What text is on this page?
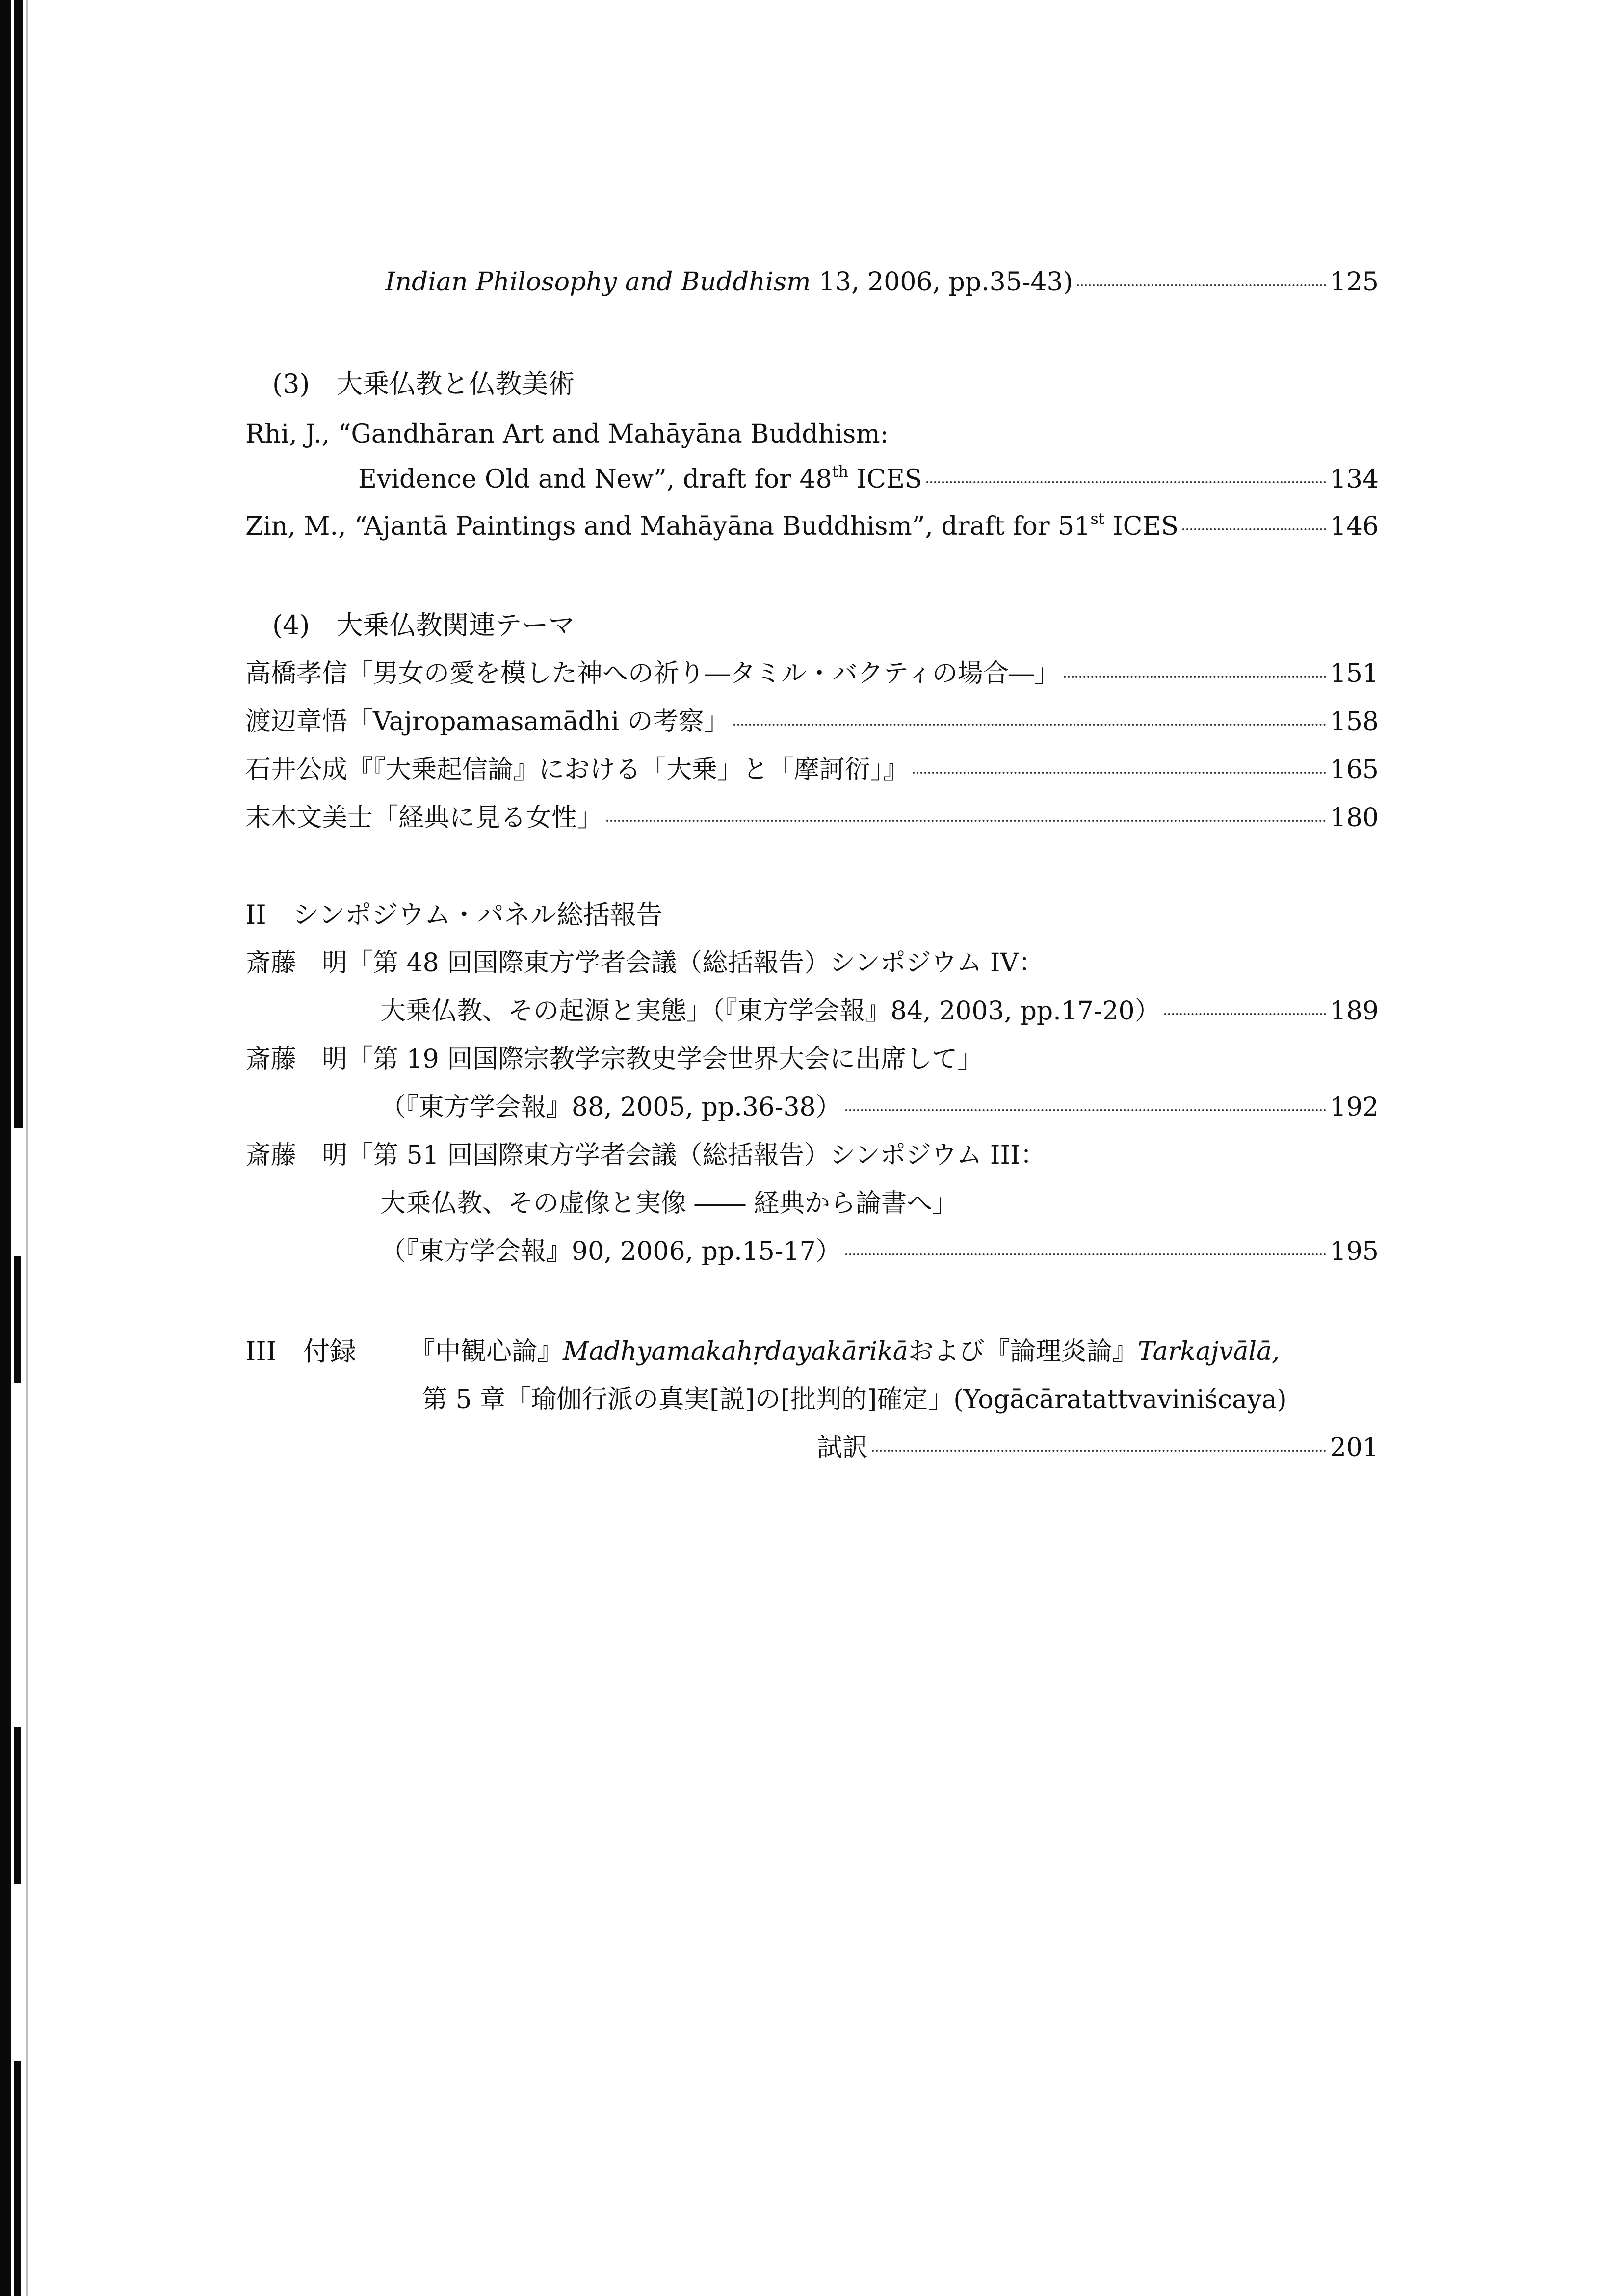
Indian Philosophy and Buddhism 13, 2006, pp.35-43)	125
(3)　大乗仏教と仏教美術
Rhi, J., “Gandhāran Art and Mahāyāna Buddhism:
Evidence Old and New”, draft for 48th ICES	134
Zin, M., “Ajantā Paintings and Mahāyāna Buddhism”, draft for 51st ICES	146
(4)　大乗仏教関連テーマ
高橋孝信「男女の愛を模した神への祈り―タミル・バクティの場合―」	151
渡辺章悟「Vajropamasamādhi の考察」	158
石井公成『『大乗起信論』における「大乗」と「摩訶衍」』	165
末木文美士「経典に見る女性」	180
II　シンポジウム・パネル総括報告
斎藤　明「第 48 回国際東方学者会議（総括報告）シンポジウム IV：
大乗仏教、その起源と実態」（『東方学会報』84, 2003, pp.17-20）	189
斎藤　明「第 19 回国際宗教学宗教史学会世界大会に出席して」
（『東方学会報』88, 2005, pp.36-38）	192
斎藤　明「第 51 回国際東方学者会議（総括報告）シンポジウム III：
大乗仏教、その虚像と実像 ―― 経典から論書へ」
（『東方学会報』90, 2006, pp.15-17）	195
III　付録 『中観心論』 Madhyamakahṛdayakārikā および『論理炎論』 Tarkajvālā,
第 5 章「瑜伽行派の真実[説]の[批判的]確定」(Yogācāratattvaviniścaya)
試訳	201
